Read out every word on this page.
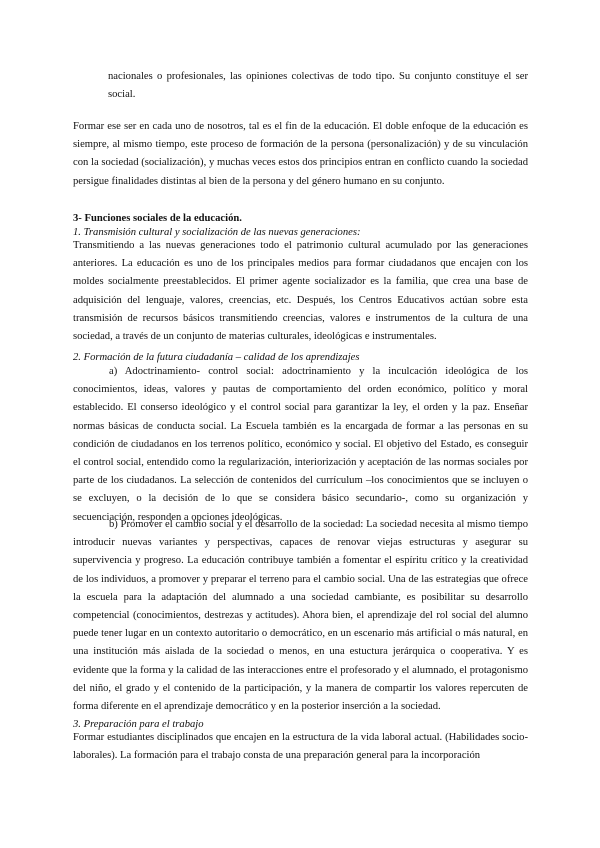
nacionales o profesionales, las opiniones colectivas de todo tipo. Su conjunto constituye el ser social.
Formar ese ser en cada uno de nosotros, tal es el fin de la educación. El doble enfoque de la educación es siempre, al mismo tiempo, este proceso de formación de la persona (personalización) y de su vinculación con la sociedad (socialización), y muchas veces estos dos principios entran en conflicto cuando la sociedad persigue finalidades distintas al bien de la persona y del género humano en su conjunto.
3- Funciones sociales de la educación.
1. Transmisión cultural y socialización de las nuevas generaciones:
Transmitiendo a las nuevas generaciones todo el patrimonio cultural acumulado por las generaciones anteriores. La educación es uno de los principales medios para formar ciudadanos que encajen con los moldes socialmente preestablecidos. El primer agente socializador es la familia, que crea una base de adquisición del lenguaje, valores, creencias, etc. Después, los Centros Educativos actúan sobre esta transmisión de recursos básicos transmitiendo creencias, valores e instrumentos de la cultura de una sociedad, a través de un conjunto de materias culturales, ideológicas e instrumentales.
2. Formación de la futura ciudadanía – calidad de los aprendizajes
a) Adoctrinamiento- control social: adoctrinamiento y la inculcación ideológica de los conocimientos, ideas, valores y pautas de comportamiento del orden económico, político y moral establecido. El conserso ideológico y el control social para garantizar la ley, el orden y la paz. Enseñar normas básicas de conducta social. La Escuela también es la encargada de formar a las personas en su condición de ciudadanos en los terrenos político, económico y social. El objetivo del Estado, es conseguir el control social, entendido como la regularización, interiorización y aceptación de las normas sociales por parte de los ciudadanos. La selección de contenidos del currículum –los conocimientos que se incluyen o se excluyen, o la decisión de lo que se considera básico secundario-, como su organización y secuenciación, responden a opciones ideológicas.
b) Promover el cambio social y el desarrollo de la sociedad: La sociedad necesita al mismo tiempo introducir nuevas variantes y perspectivas, capaces de renovar viejas estructuras y asegurar su supervivencia y progreso. La educación contribuye también a fomentar el espíritu crítico y la creatividad de los individuos, a promover y preparar el terreno para el cambio social. Una de las estrategias que ofrece la escuela para la adaptación del alumnado a una sociedad cambiante, es posibilitar su desarrollo competencial (conocimientos, destrezas y actitudes). Ahora bien, el aprendizaje del rol social del alumno puede tener lugar en un contexto autoritario o democrático, en un escenario más artificial o más natural, en una institución más aislada de la sociedad o menos, en una estuctura jerárquica o cooperativa. Y es evidente que la forma y la calidad de las interacciones entre el profesorado y el alumnado, el protagonismo del niño, el grado y el contenido de la participación, y la manera de compartir los valores repercuten de forma diferente en el aprendizaje democrático y en la posterior inserción a la sociedad.
3. Preparación para el trabajo
Formar estudiantes disciplinados que encajen en la estructura de la vida laboral actual. (Habilidades socio-laborales). La formación para el trabajo consta de una preparación general para la incorporación
